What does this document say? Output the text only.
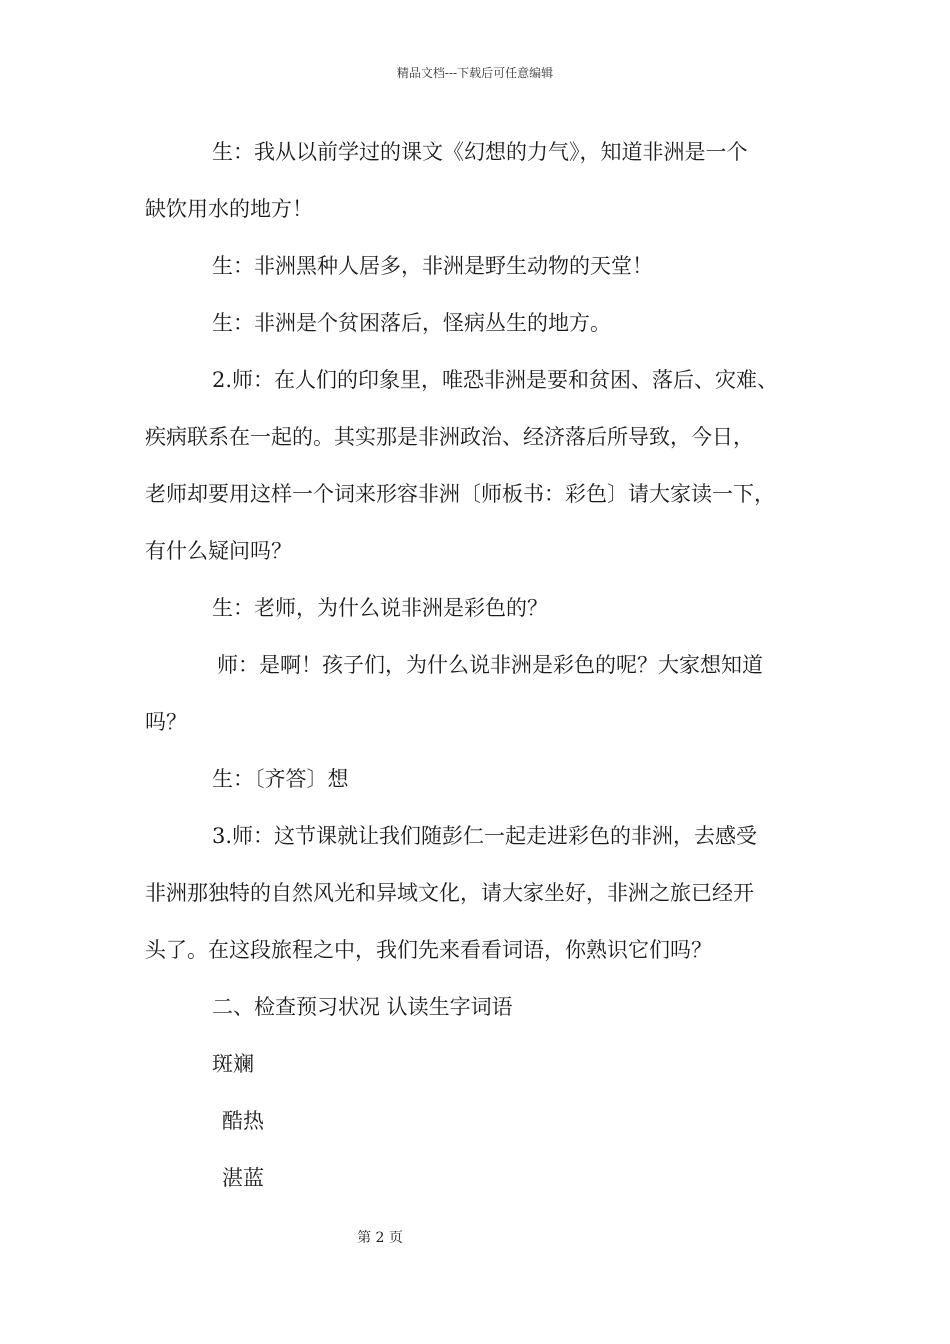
精品文档---下载后可任意编辑
生：我从以前学过的课文《幻想的力气》，知道非洲是一个
缺饮用水的地方！
生：非洲黑种人居多，非洲是野生动物的天堂！
生：非洲是个贫困落后，怪病丛生的地方。
2.师：在人们的印象里，唯恐非洲是要和贫困、落后、灾难、
疾病联系在一起的。其实那是非洲政治、经济落后所导致，今日，
老师却要用这样一个词来形容非洲〔师板书：彩色〕请大家读一下，
有什么疑问吗？
生：老师，为什么说非洲是彩色的？
师：是啊！孩子们，为什么说非洲是彩色的呢？大家想知道
吗？
生：〔齐答〕想
3.师：这节课就让我们随彭仁一起走进彩色的非洲，去感受
非洲那独特的自然风光和异域文化，请大家坐好，非洲之旅已经开
头了。在这段旅程之中，我们先来看看词语，你熟识它们吗？
二、检查预习状况 认读生字词语
斑斓
酷热
湛蓝
第 2 页
